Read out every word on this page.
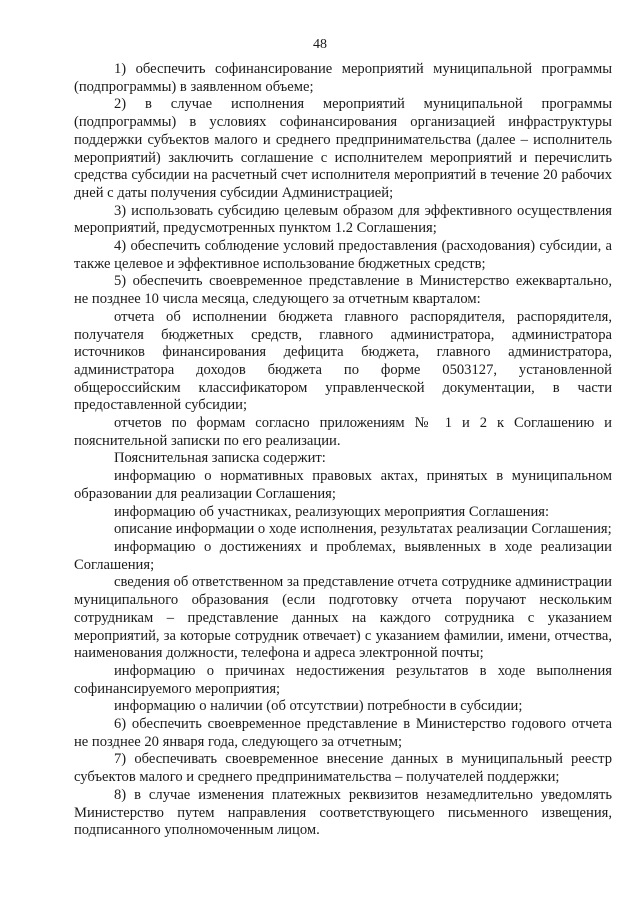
48

1) обеспечить софинансирование мероприятий муниципальной программы (подпрограммы) в заявленном объеме;

2) в случае исполнения мероприятий муниципальной программы (подпрограммы) в условиях софинансирования организацией инфраструктуры поддержки субъектов малого и среднего предпринимательства (далее – исполнитель мероприятий) заключить соглашение с исполнителем мероприятий и перечислить средства субсидии на расчетный счет исполнителя мероприятий в течение 20 рабочих дней с даты получения субсидии Администрацией;

3) использовать субсидию целевым образом для эффективного осуществления мероприятий, предусмотренных пунктом 1.2 Соглашения;

4) обеспечить соблюдение условий предоставления (расходования) субсидии, а также целевое и эффективное использование бюджетных средств;

5) обеспечить своевременное представление в Министерство ежеквартально, не позднее 10 числа месяца, следующего за отчетным кварталом:

отчета об исполнении бюджета главного распорядителя, распорядителя, получателя бюджетных средств, главного администратора, администратора источников финансирования дефицита бюджета, главного администратора, администратора доходов бюджета по форме 0503127, установленной общероссийским классификатором управленческой документации, в части предоставленной субсидии;

отчетов по формам согласно приложениям № 1 и 2 к Соглашению и пояснительной записки по его реализации.

Пояснительная записка содержит:

информацию о нормативных правовых актах, принятых в муниципальном образовании для реализации Соглашения;

информацию об участниках, реализующих мероприятия Соглашения:

описание информации о ходе исполнения, результатах реализации Соглашения;

информацию о достижениях и проблемах, выявленных в ходе реализации Соглашения;

сведения об ответственном за представление отчета сотруднике администрации муниципального образования (если подготовку отчета поручают нескольким сотрудникам – представление данных на каждого сотрудника с указанием мероприятий, за которые сотрудник отвечает) с указанием фамилии, имени, отчества, наименования должности, телефона и адреса электронной почты;

информацию о причинах недостижения результатов в ходе выполнения софинансируемого мероприятия;

информацию о наличии (об отсутствии) потребности в субсидии;

6) обеспечить своевременное представление в Министерство годового отчета не позднее 20 января года, следующего за отчетным;

7) обеспечивать своевременное внесение данных в муниципальный реестр субъектов малого и среднего предпринимательства – получателей поддержки;

8) в случае изменения платежных реквизитов незамедлительно уведомлять Министерство путем направления соответствующего письменного извещения, подписанного уполномоченным лицом.
